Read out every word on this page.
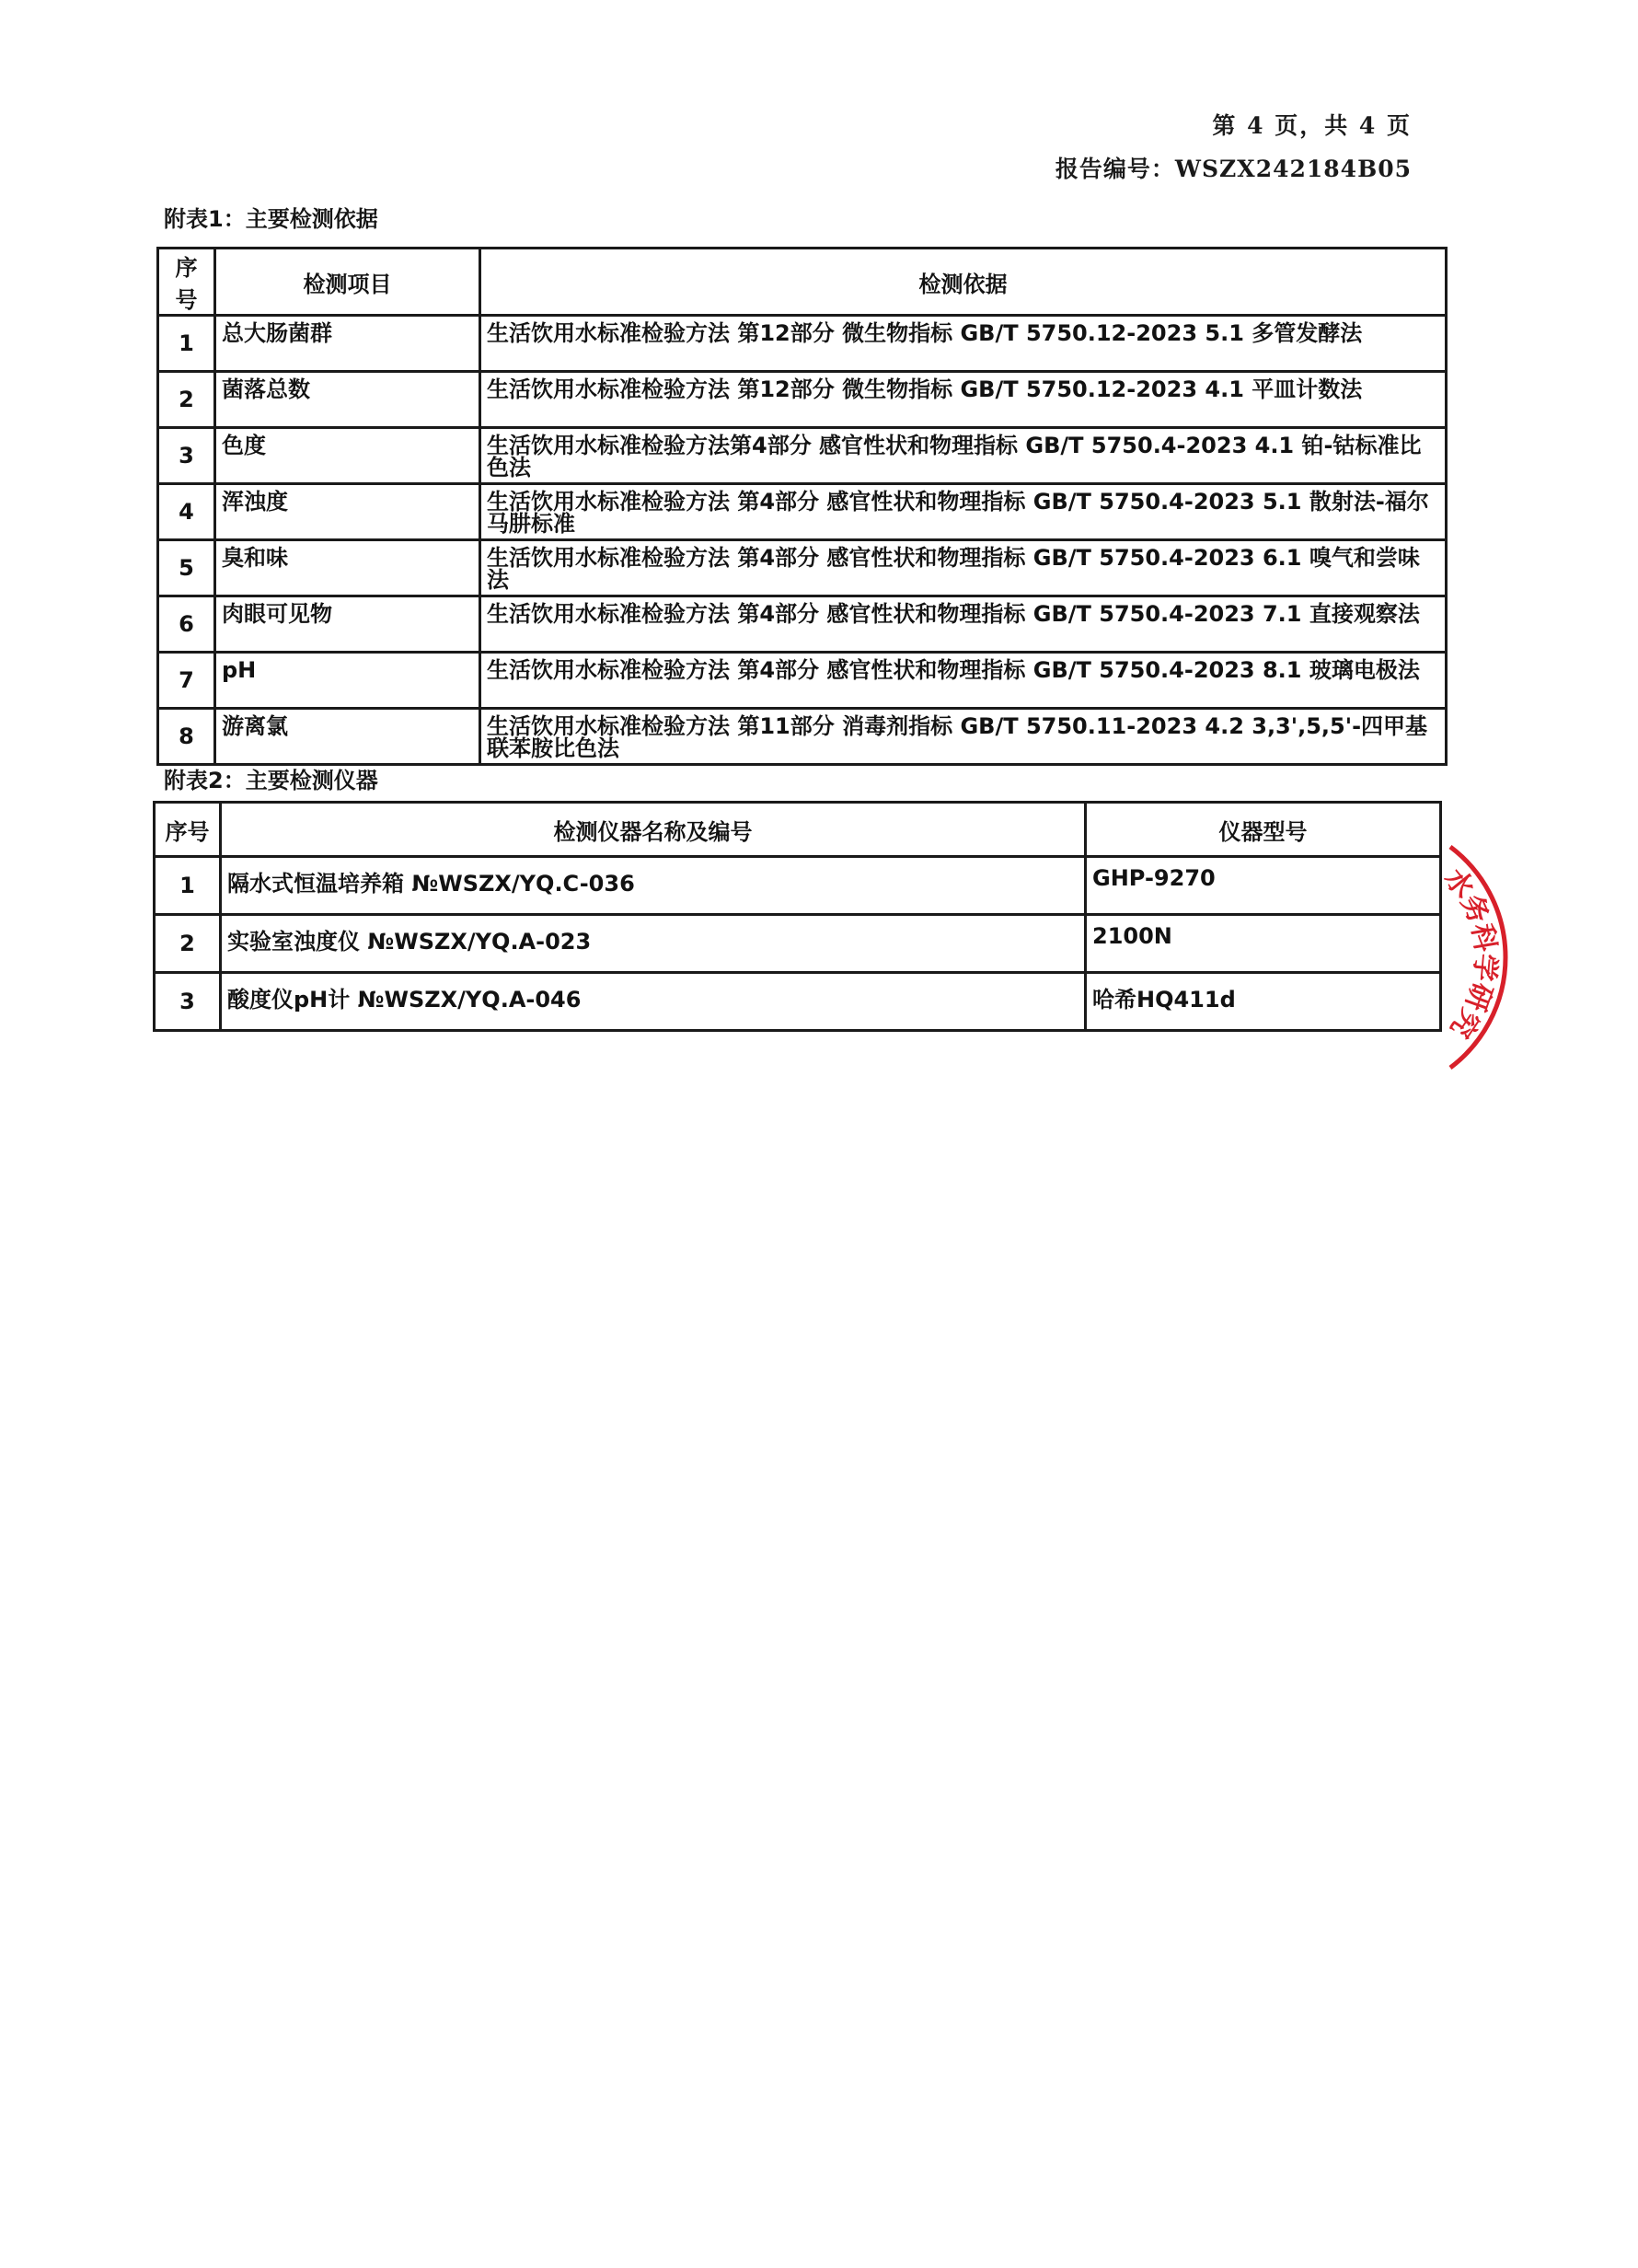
第 4 页，共 4 页
报告编号：WSZX242184B05
附表1：主要检测依据
序号	检测项目	检测依据
1	总大肠菌群	生活饮用水标准检验方法 第12部分 微生物指标 GB/T 5750.12-2023 5.1 多管发酵法
2	菌落总数	生活饮用水标准检验方法 第12部分 微生物指标 GB/T 5750.12-2023 4.1 平皿计数法
3	色度	生活饮用水标准检验方法第4部分 感官性状和物理指标 GB/T 5750.4-2023 4.1 铂-钴标准比色法
4	浑浊度	生活饮用水标准检验方法 第4部分 感官性状和物理指标 GB/T 5750.4-2023 5.1 散射法-福尔马肼标准
5	臭和味	生活饮用水标准检验方法 第4部分 感官性状和物理指标 GB/T 5750.4-2023 6.1 嗅气和尝味法
6	肉眼可见物	生活饮用水标准检验方法 第4部分 感官性状和物理指标 GB/T 5750.4-2023 7.1 直接观察法
7	pH	生活饮用水标准检验方法 第4部分 感官性状和物理指标 GB/T 5750.4-2023 8.1 玻璃电极法
8	游离氯	生活饮用水标准检验方法 第11部分 消毒剂指标 GB/T 5750.11-2023 4.2 3,3',5,5'-四甲基联苯胺比色法
附表2：主要检测仪器
序号	检测仪器名称及编号	仪器型号
1	隔水式恒温培养箱 №WSZX/YQ.C-036	GHP-9270
2	实验室浊度仪 №WSZX/YQ.A-023	2100N
3	酸度仪pH计 №WSZX/YQ.A-046	哈希HQ411d
水务科学研究
